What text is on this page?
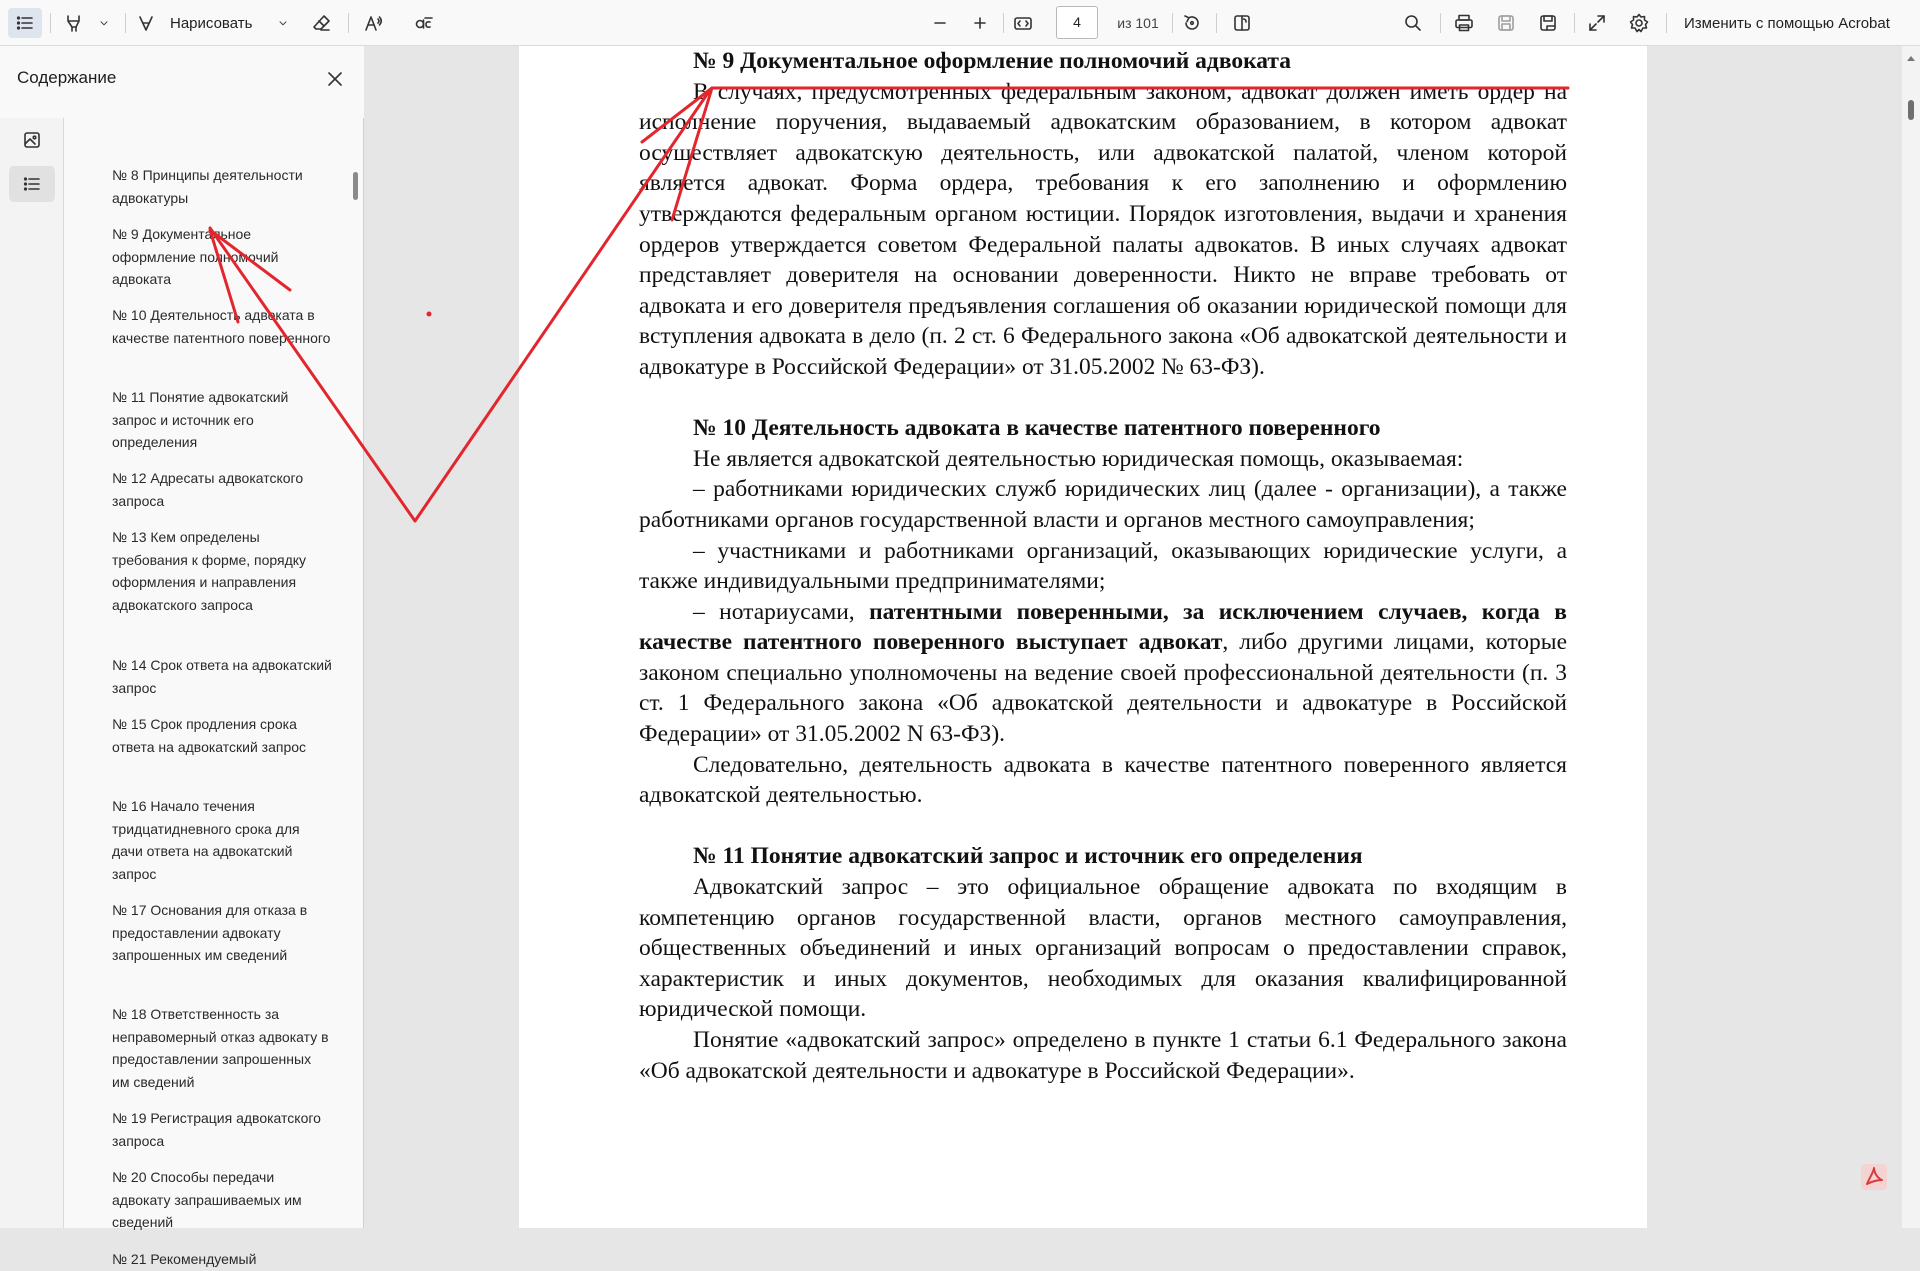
Нарисовать	4	из 101	Изменить с помощью Acrobat
Содержание
№ 8 Принципы деятельности адвокатуры
№ 9 Документальное оформление полномочий адвоката
№ 10 Деятельность адвоката в качестве патентного поверенного
№ 11 Понятие адвокатский запрос и источник его определения
№ 12 Адресаты адвокатского запроса
№ 13 Кем определены требования к форме, порядку оформления и направления адвокатского запроса
№ 14 Срок ответа на адвокатский запрос
№ 15 Срок продления срока ответа на адвокатский запрос
№ 16 Начало течения тридцатидневного срока для дачи ответа на адвокатский запрос
№ 17 Основания для отказа в предоставлении адвокату запрошенных им сведений
№ 18 Ответственность за неправомерный отказ адвокату в предоставлении запрошенных им сведений
№ 19 Регистрация адвокатского запроса
№ 20 Способы передачи адвокату запрашиваемых им сведений
№ 21 Рекомендуемый

№ 9 Документальное оформление полномочий адвоката

В случаях, предусмотренных федеральным законом, адвокат должен иметь ордер на исполнение поручения, выдаваемый адвокатским образованием, в котором адвокат осуществляет адвокатскую деятельность, или адвокатской палатой, членом которой является адвокат. Форма ордера, требования к его заполнению и оформлению утверждаются федеральным органом юстиции. Порядок изготовления, выдачи и хранения ордеров утверждается советом Федеральной палаты адвокатов. В иных случаях адвокат представляет доверителя на основании доверенности. Никто не вправе требовать от адвоката и его доверителя предъявления соглашения об оказании юридической помощи для вступления адвоката в дело (п. 2 ст. 6 Федерального закона «Об адвокатской деятельности и адвокатуре в Российской Федерации» от 31.05.2002 № 63-ФЗ).

№ 10 Деятельность адвоката в качестве патентного поверенного

Не является адвокатской деятельностью юридическая помощь, оказываемая:

– работниками юридических служб юридических лиц (далее - организации), а также работниками органов государственной власти и органов местного самоуправления;

– участниками и работниками организаций, оказывающих юридические услуги, а также индивидуальными предпринимателями;

– нотариусами, патентными поверенными, за исключением случаев, когда в качестве патентного поверенного выступает адвокат, либо другими лицами, которые законом специально уполномочены на ведение своей профессиональной деятельности (п. 3 ст. 1 Федерального закона «Об адвокатской деятельности и адвокатуре в Российской Федерации» от 31.05.2002 N 63-ФЗ).

Следовательно, деятельность адвоката в качестве патентного поверенного является адвокатской деятельностью.

№ 11 Понятие адвокатский запрос и источник его определения

Адвокатский запрос – это официальное обращение адвоката по входящим в компетенцию органов государственной власти, органов местного самоуправления, общественных объединений и иных организаций вопросам о предоставлении справок, характеристик и иных документов, необходимых для оказания квалифицированной юридической помощи.

Понятие «адвокатский запрос» определено в пункте 1 статьи 6.1 Федерального закона «Об адвокатской деятельности и адвокатуре в Российской Федерации».
